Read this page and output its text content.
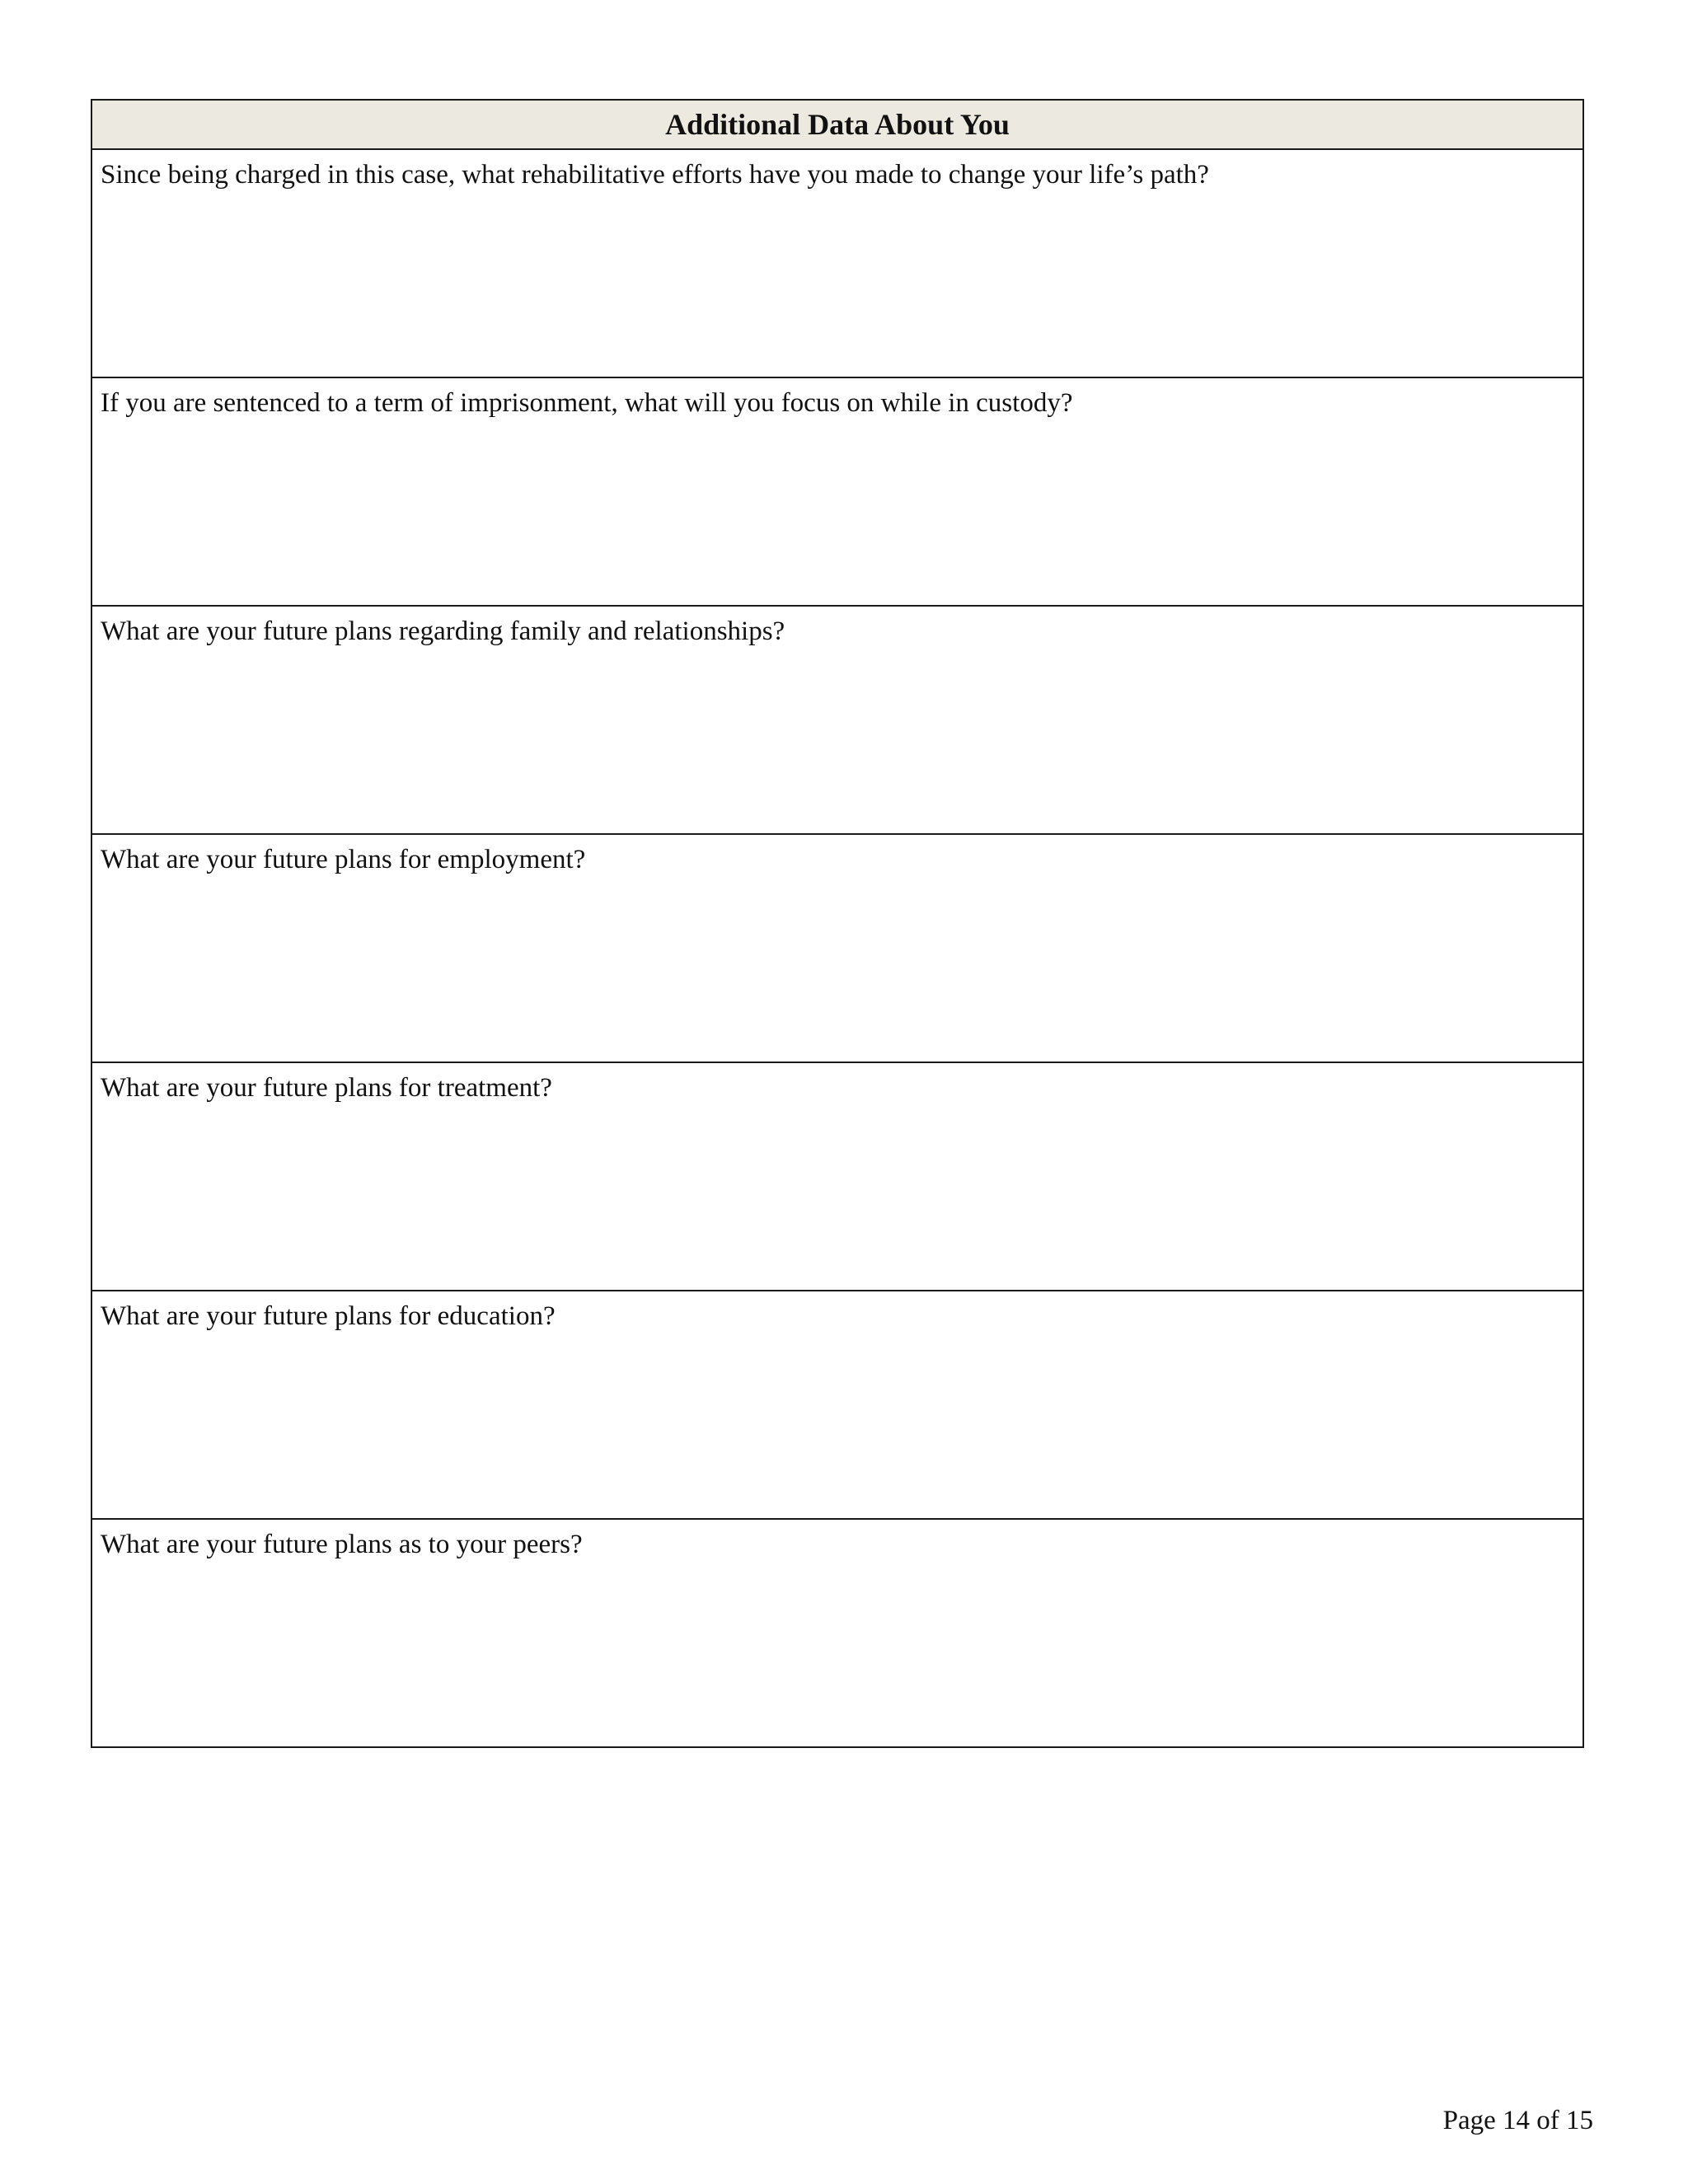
Additional Data About You
Since being charged in this case, what rehabilitative efforts have you made to change your life’s path?
If you are sentenced to a term of imprisonment, what will you focus on while in custody?
What are your future plans regarding family and relationships?
What are your future plans for employment?
What are your future plans for treatment?
What are your future plans for education?
What are your future plans as to your peers?
Page 14 of 15
